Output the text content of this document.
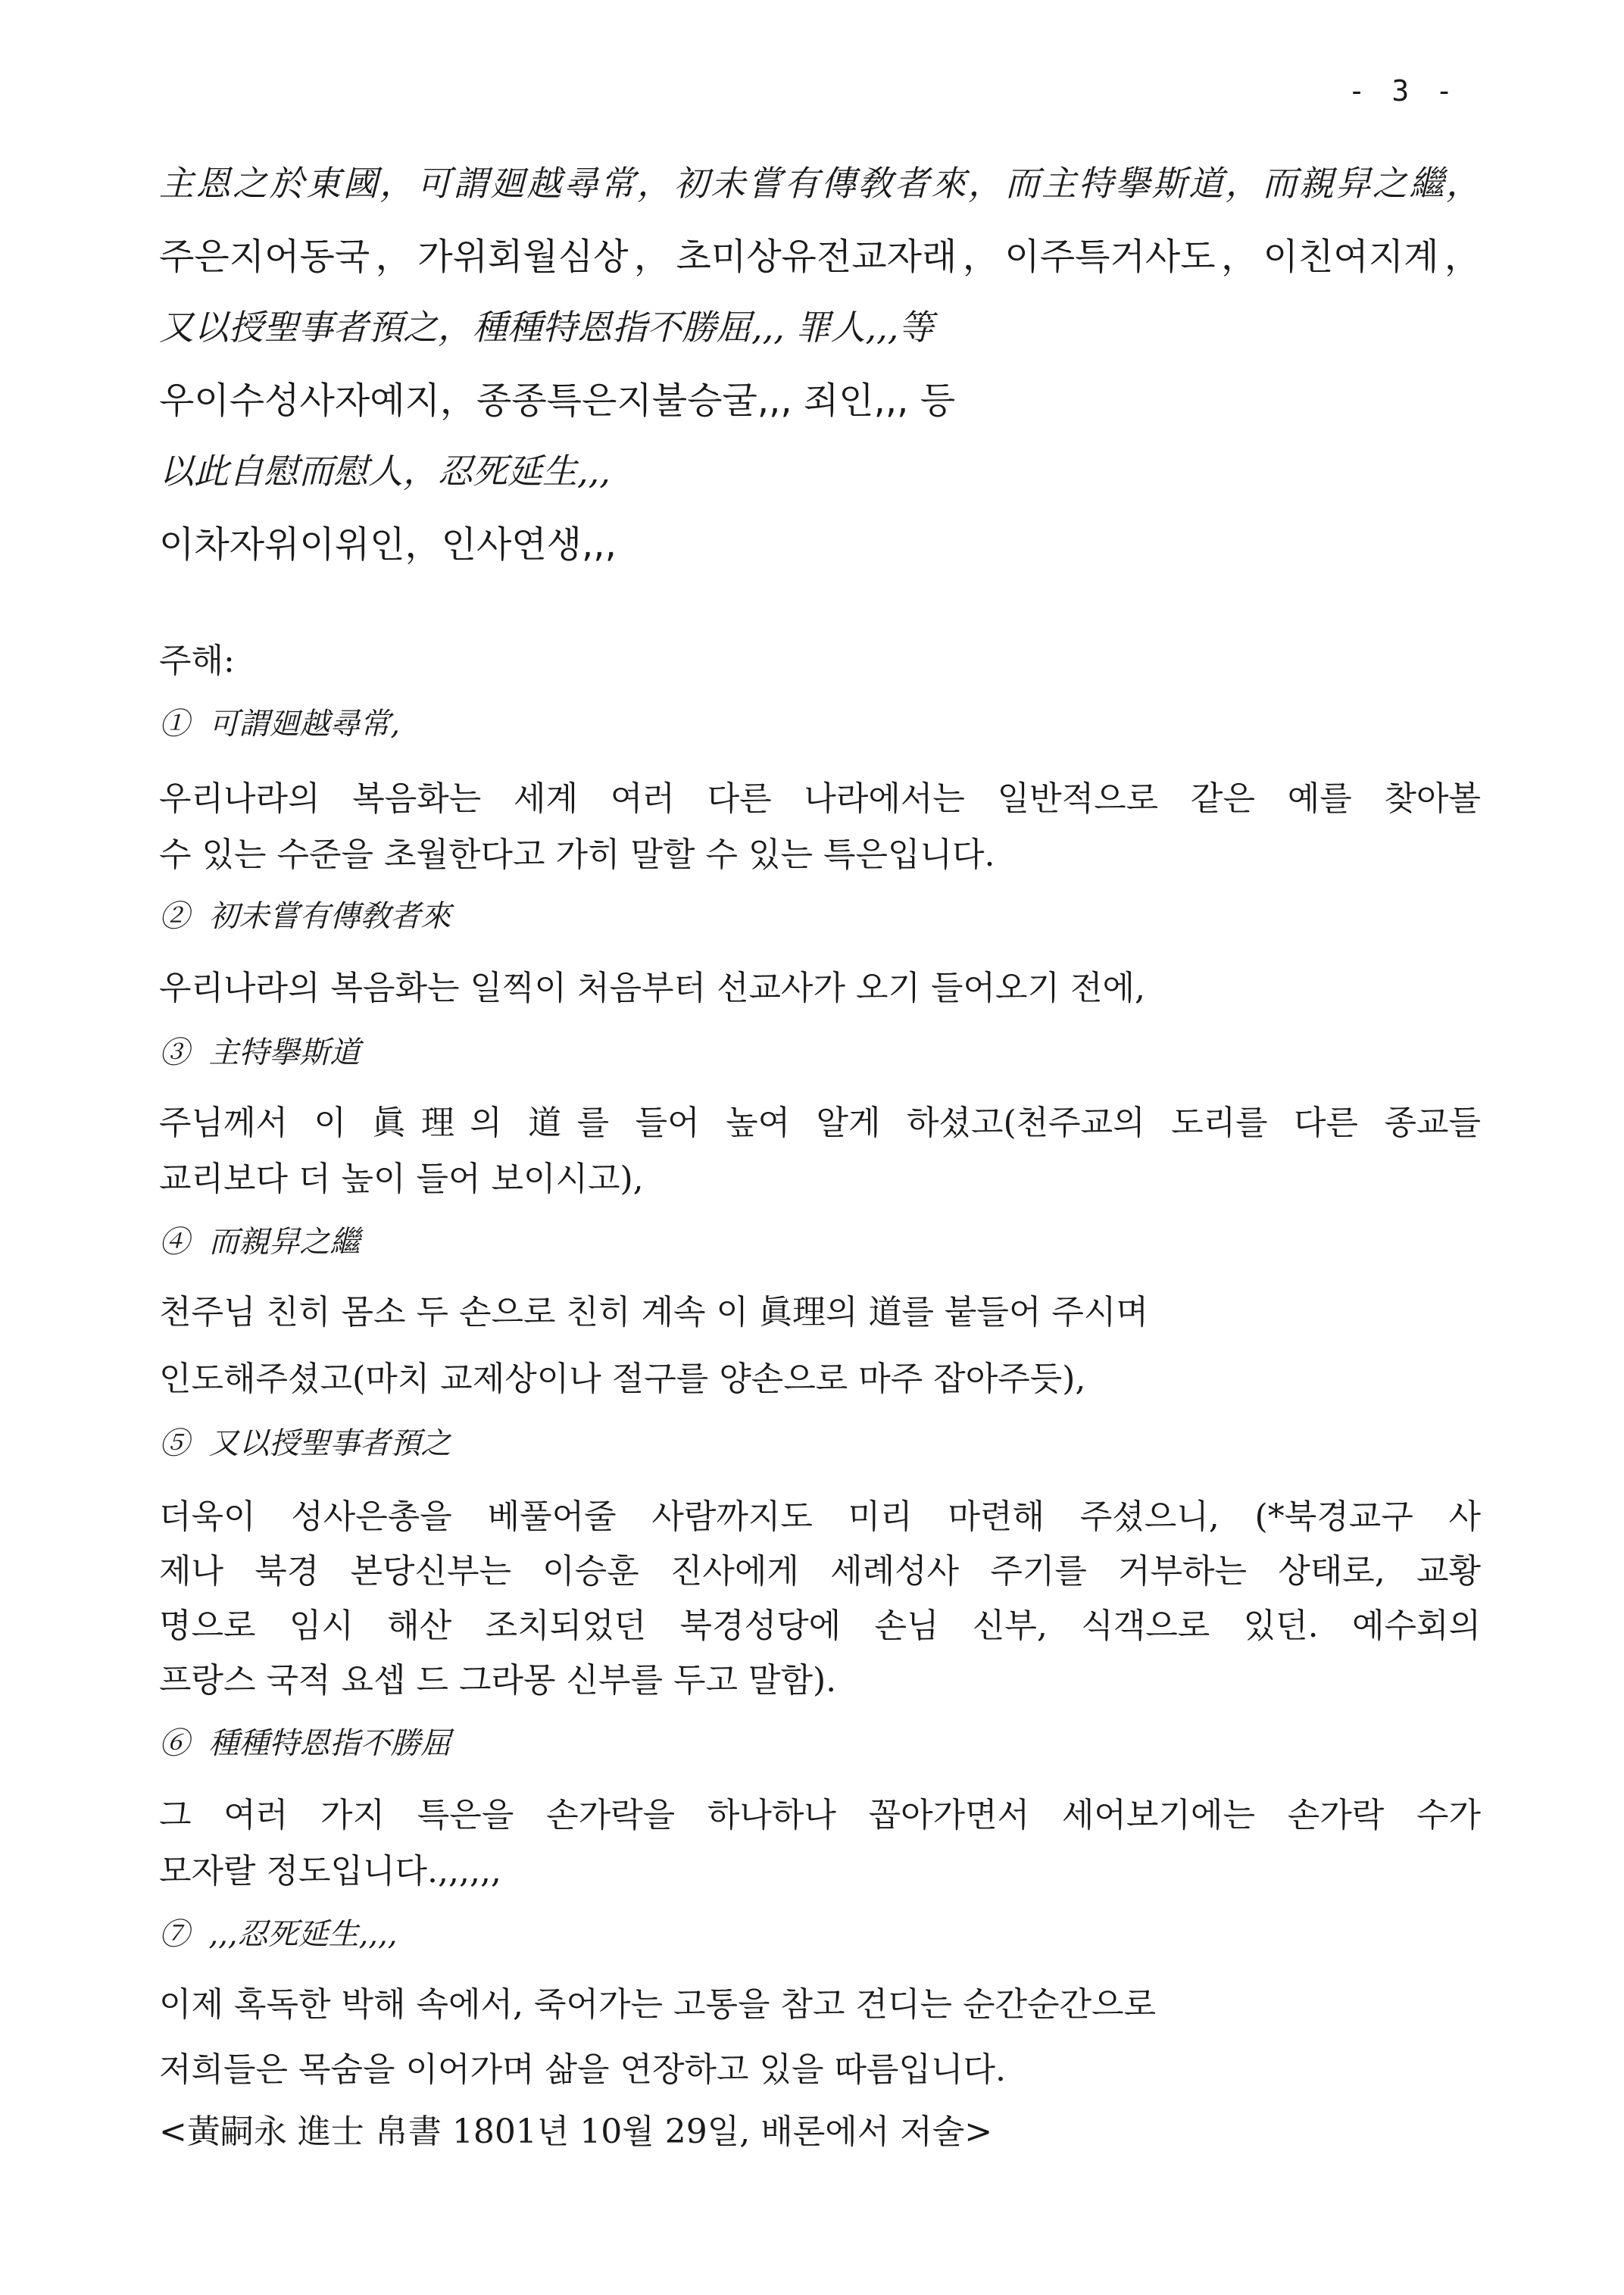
- 3 -
主恩之於東國，可謂廻越尋常，初未嘗有傳敎者來，而主特擧斯道，而親舁之繼，
주은지어동국，가위회월심상，초미상유전교자래，이주특거사도，이친여지계，
又以授聖事者預之，種種特恩指不勝屈,,, 罪人,,,等
우이수성사자예지，종종특은지불승굴,,, 죄인,,, 등
以此自慰而慰人，忍死延生,,,
이차자위이위인，인사연생,,,
주해:
① 可謂廻越尋常,
우리나라의 복음화는 세계 여러 다른 나라에서는 일반적으로 같은 예를 찾아볼
수 있는 수준을 초월한다고 가히 말할 수 있는 특은입니다.
② 初未嘗有傳敎者來
우리나라의 복음화는 일찍이 처음부터 선교사가 오기 들어오기 전에,
③ 主特擧斯道
주님께서 이 眞理의 道를 들어 높여 알게 하셨고(천주교의 도리를 다른 종교들
교리보다 더 높이 들어 보이시고),
④ 而親舁之繼
천주님 친히 몸소 두 손으로 친히 계속 이 眞理의 道를 붙들어 주시며
인도해주셨고(마치 교제상이나 절구를 양손으로 마주 잡아주듯),
⑤ 又以授聖事者預之
더욱이 성사은총을 베풀어줄 사람까지도 미리 마련해 주셨으니, (*북경교구 사
제나 북경 본당신부는 이승훈 진사에게 세례성사 주기를 거부하는 상태로, 교황
명으로 임시 해산 조치되었던 북경성당에 손님 신부, 식객으로 있던. 예수회의
프랑스 국적 요셉 드 그라몽 신부를 두고 말함).
⑥ 種種特恩指不勝屈
그 여러 가지 특은을 손가락을 하나하나 꼽아가면서 세어보기에는 손가락 수가
모자랄 정도입니다.,,,,,,
⑦ ,,,忍死延生,,,,
이제 혹독한 박해 속에서, 죽어가는 고통을 참고 견디는 순간순간으로
저희들은 목숨을 이어가며 삶을 연장하고 있을 따름입니다.
<黃嗣永 進士 帛書 1801년 10월 29일, 배론에서 저술>
